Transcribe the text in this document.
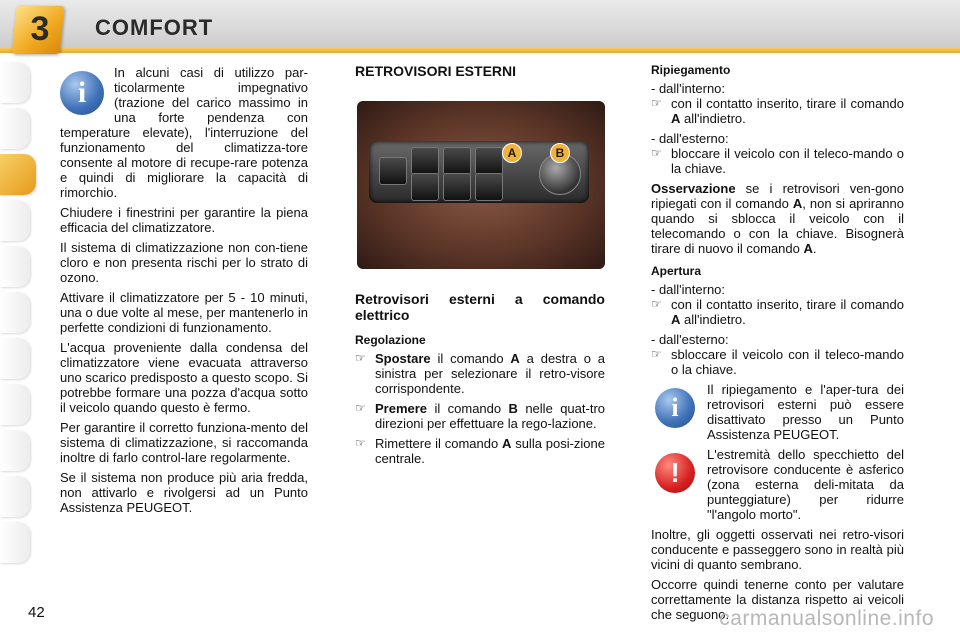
3	COMFORT
i

In alcuni casi di utilizzo par-ticolarmente impegnativo (trazione del carico massimo in una forte pendenza con temperature elevate), l'interruzione del funzionamento del climatizza-tore consente al motore di recupe-rare potenza e quindi di migliorare la capacità di rimorchio.

Chiudere i finestrini per garantire la piena efficacia del climatizzatore.

Il sistema di climatizzazione non con-tiene cloro e non presenta rischi per lo strato di ozono.

Attivare il climatizzatore per 5 - 10 minuti, una o due volte al mese, per mantenerlo in perfette condizioni di funzionamento.

L'acqua proveniente dalla condensa del climatizzatore viene evacuata attraverso uno scarico predisposto a questo scopo. Si potrebbe formare una pozza d'acqua sotto il veicolo quando questo è fermo.

Per garantire il corretto funziona-mento del sistema di climatizzazione, si raccomanda inoltre di farlo control-lare regolarmente.

Se il sistema non produce più aria fredda, non attivarlo e rivolgersi ad un Punto Assistenza PEUGEOT.

RETROVISORI ESTERNI
A	B
Retrovisori esterni a comando elettrico
Regolazione

☞ Spostare il comando A a destra o a sinistra per selezionare il retro-visore corrispondente.

☞ Premere il comando B nelle quat-tro direzioni per effettuare la rego-lazione.

☞ Rimettere il comando A sulla posi-zione centrale.

Ripiegamento

- dall'interno:

☞ con il contatto inserito, tirare il comando A all'indietro.

- dall'esterno:

☞ bloccare il veicolo con il teleco-mando o la chiave.

Osservazione se i retrovisori ven-gono ripiegati con il comando A, non si apriranno quando si sblocca il veicolo con il telecomando o con la chiave. Bisognerà tirare di nuovo il comando A.

Apertura

- dall'interno:

☞ con il contatto inserito, tirare il comando A all'indietro.

- dall'esterno:

☞ sbloccare il veicolo con il teleco-mando o la chiave.

i

Il ripiegamento e l'aper-tura dei retrovisori esterni può essere disattivato presso un Punto Assistenza PEUGEOT.

!

L'estremità dello specchietto del retrovisore conducente è asferico (zona esterna deli-mitata da punteggiature) per ridurre "l'angolo morto".

Inoltre, gli oggetti osservati nei retro-visori conducente e passeggero sono in realtà più vicini di quanto sembrano.

Occorre quindi tenerne conto per valutare correttamente la distanza rispetto ai veicoli che seguono.

42	carmanualsonline.info
